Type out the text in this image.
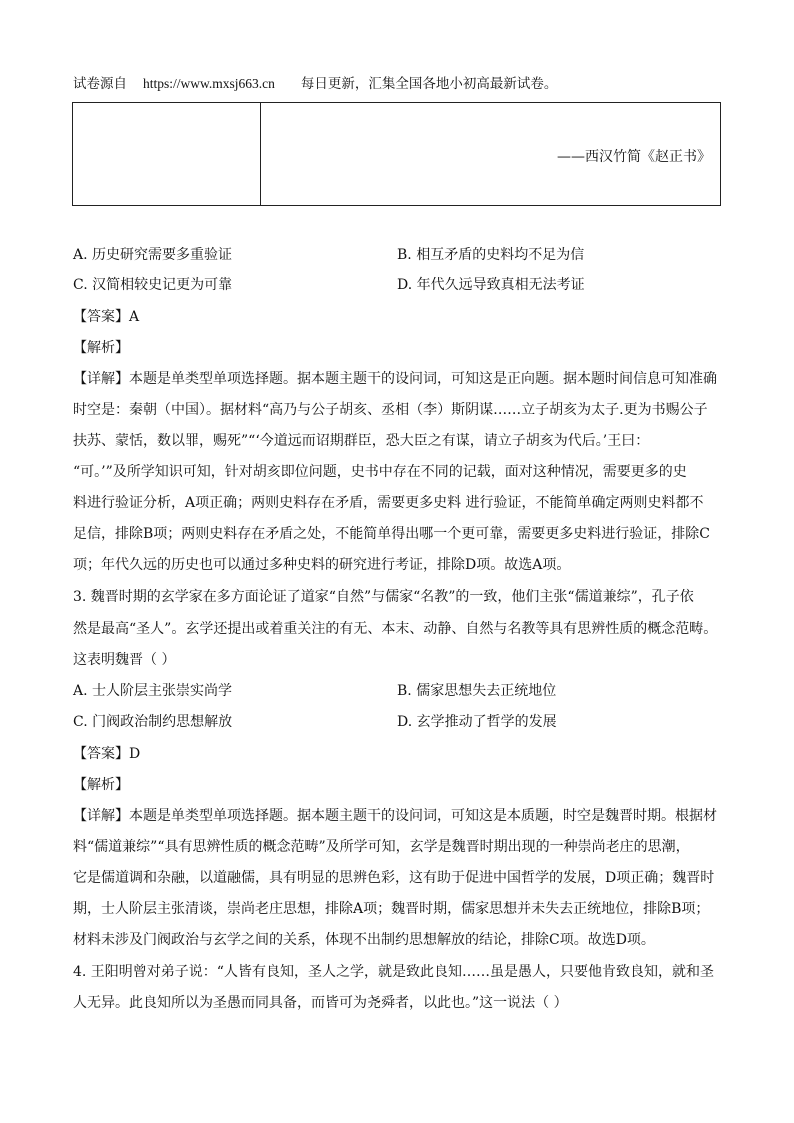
试卷源自 https://www.mxsj663.cn 每日更新，汇集全国各地小初高最新试卷。
——西汉竹简《赵正书》
A. 历史研究需要多重验证	B. 相互矛盾的史料均不足为信
C. 汉简相较史记更为可靠	D. 年代久远导致真相无法考证
【答案】A
【解析】
【详解】本题是单类型单项选择题。据本题主题干的设问词，可知这是正向题。据本题时间信息可知准确
时空是：秦朝（中国）。据材料“高乃与公子胡亥、丞相（李）斯阴谋……立子胡亥为太子.更为书赐公子
扶苏、蒙恬，数以罪，赐死”“‘今道远而诏期群臣，恐大臣之有谋，请立子胡亥为代后。’王曰：
“可。’”及所学知识可知，针对胡亥即位问题，史书中存在不同的记载，面对这种情况，需要更多的史
料进行验证分析，A项正确；两则史料存在矛盾，需要更多史料 进行验证，不能简单确定两则史料都不
足信，排除B项；两则史料存在矛盾之处，不能简单得出哪一个更可靠，需要更多史料进行验证，排除C
项；年代久远的历史也可以通过多种史料的研究进行考证，排除D项。故选A项。
3. 魏晋时期的玄学家在多方面论证了道家“自然”与儒家“名教”的一致，他们主张“儒道兼综”，孔子依
然是最高“圣人”。玄学还提出或着重关注的有无、本末、动静、自然与名教等具有思辨性质的概念范畴。
这表明魏晋（ ）
A. 士人阶层主张崇实尚学	B. 儒家思想失去正统地位
C. 门阀政治制约思想解放	D. 玄学推动了哲学的发展
【答案】D
【解析】
【详解】本题是单类型单项选择题。据本题主题干的设问词，可知这是本质题，时空是魏晋时期。根据材
料“儒道兼综”“具有思辨性质的概念范畴”及所学可知，玄学是魏晋时期出现的一种崇尚老庄的思潮，
它是儒道调和杂融，以道融儒，具有明显的思辨色彩，这有助于促进中国哲学的发展，D项正确；魏晋时
期，士人阶层主张清谈，崇尚老庄思想，排除A项；魏晋时期，儒家思想并未失去正统地位，排除B项；
材料未涉及门阀政治与玄学之间的关系，体现不出制约思想解放的结论，排除C项。故选D项。
4. 王阳明曾对弟子说：“人皆有良知，圣人之学，就是致此良知……虽是愚人，只要他肯致良知，就和圣
人无异。此良知所以为圣愚而同具备，而皆可为尧舜者，以此也。”这一说法（ ）
